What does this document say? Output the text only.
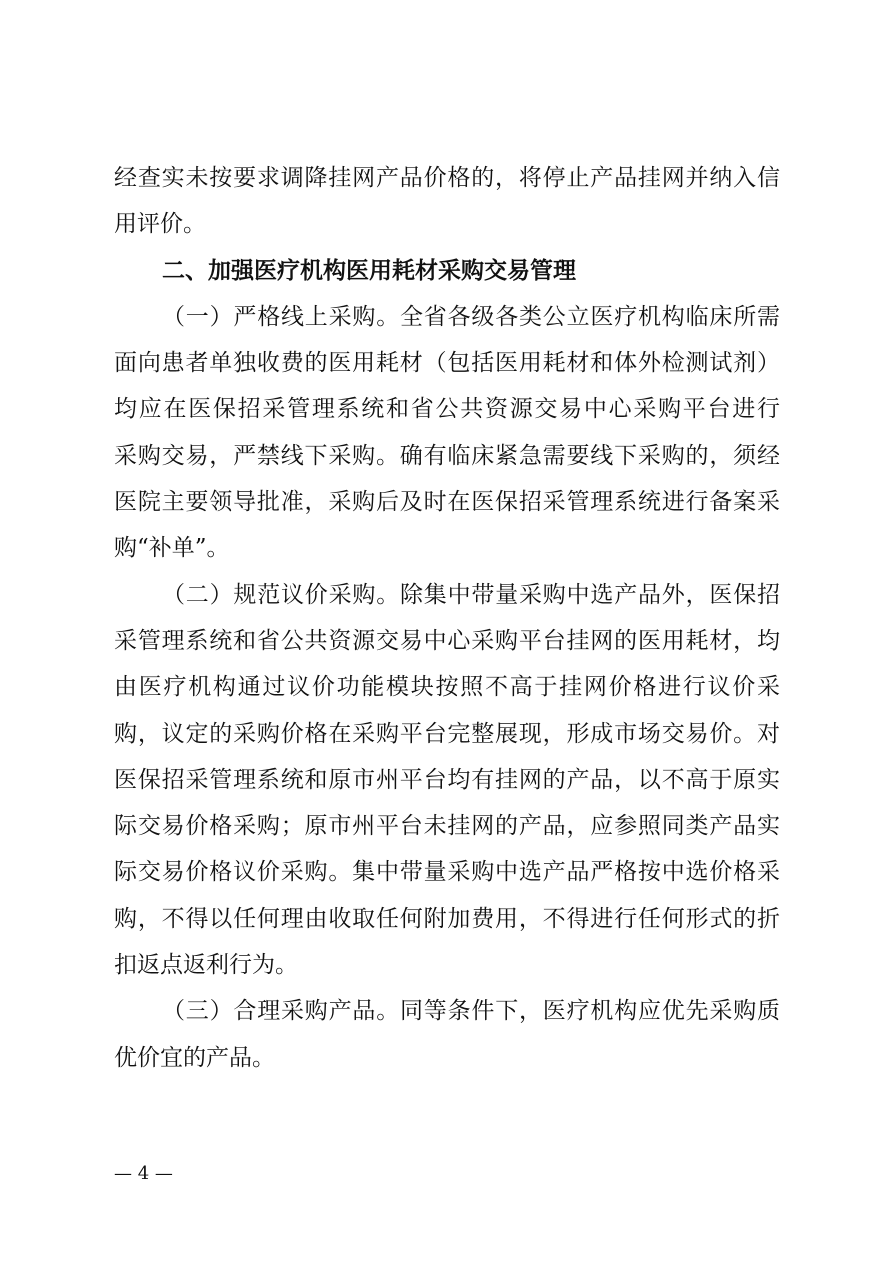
经查实未按要求调降挂网产品价格的，将停止产品挂网并纳入信
用评价。
二、加强医疗机构医用耗材采购交易管理
（一）严格线上采购。全省各级各类公立医疗机构临床所需
面向患者单独收费的医用耗材（包括医用耗材和体外检测试剂）
均应在医保招采管理系统和省公共资源交易中心采购平台进行
采购交易，严禁线下采购。确有临床紧急需要线下采购的，须经
医院主要领导批准，采购后及时在医保招采管理系统进行备案采
购“补单”。
（二）规范议价采购。除集中带量采购中选产品外，医保招
采管理系统和省公共资源交易中心采购平台挂网的医用耗材，均
由医疗机构通过议价功能模块按照不高于挂网价格进行议价采
购，议定的采购价格在采购平台完整展现，形成市场交易价。对
医保招采管理系统和原市州平台均有挂网的产品，以不高于原实
际交易价格采购；原市州平台未挂网的产品，应参照同类产品实
际交易价格议价采购。集中带量采购中选产品严格按中选价格采
购，不得以任何理由收取任何附加费用，不得进行任何形式的折
扣返点返利行为。
（三）合理采购产品。同等条件下，医疗机构应优先采购质
优价宜的产品。
— 4 —
